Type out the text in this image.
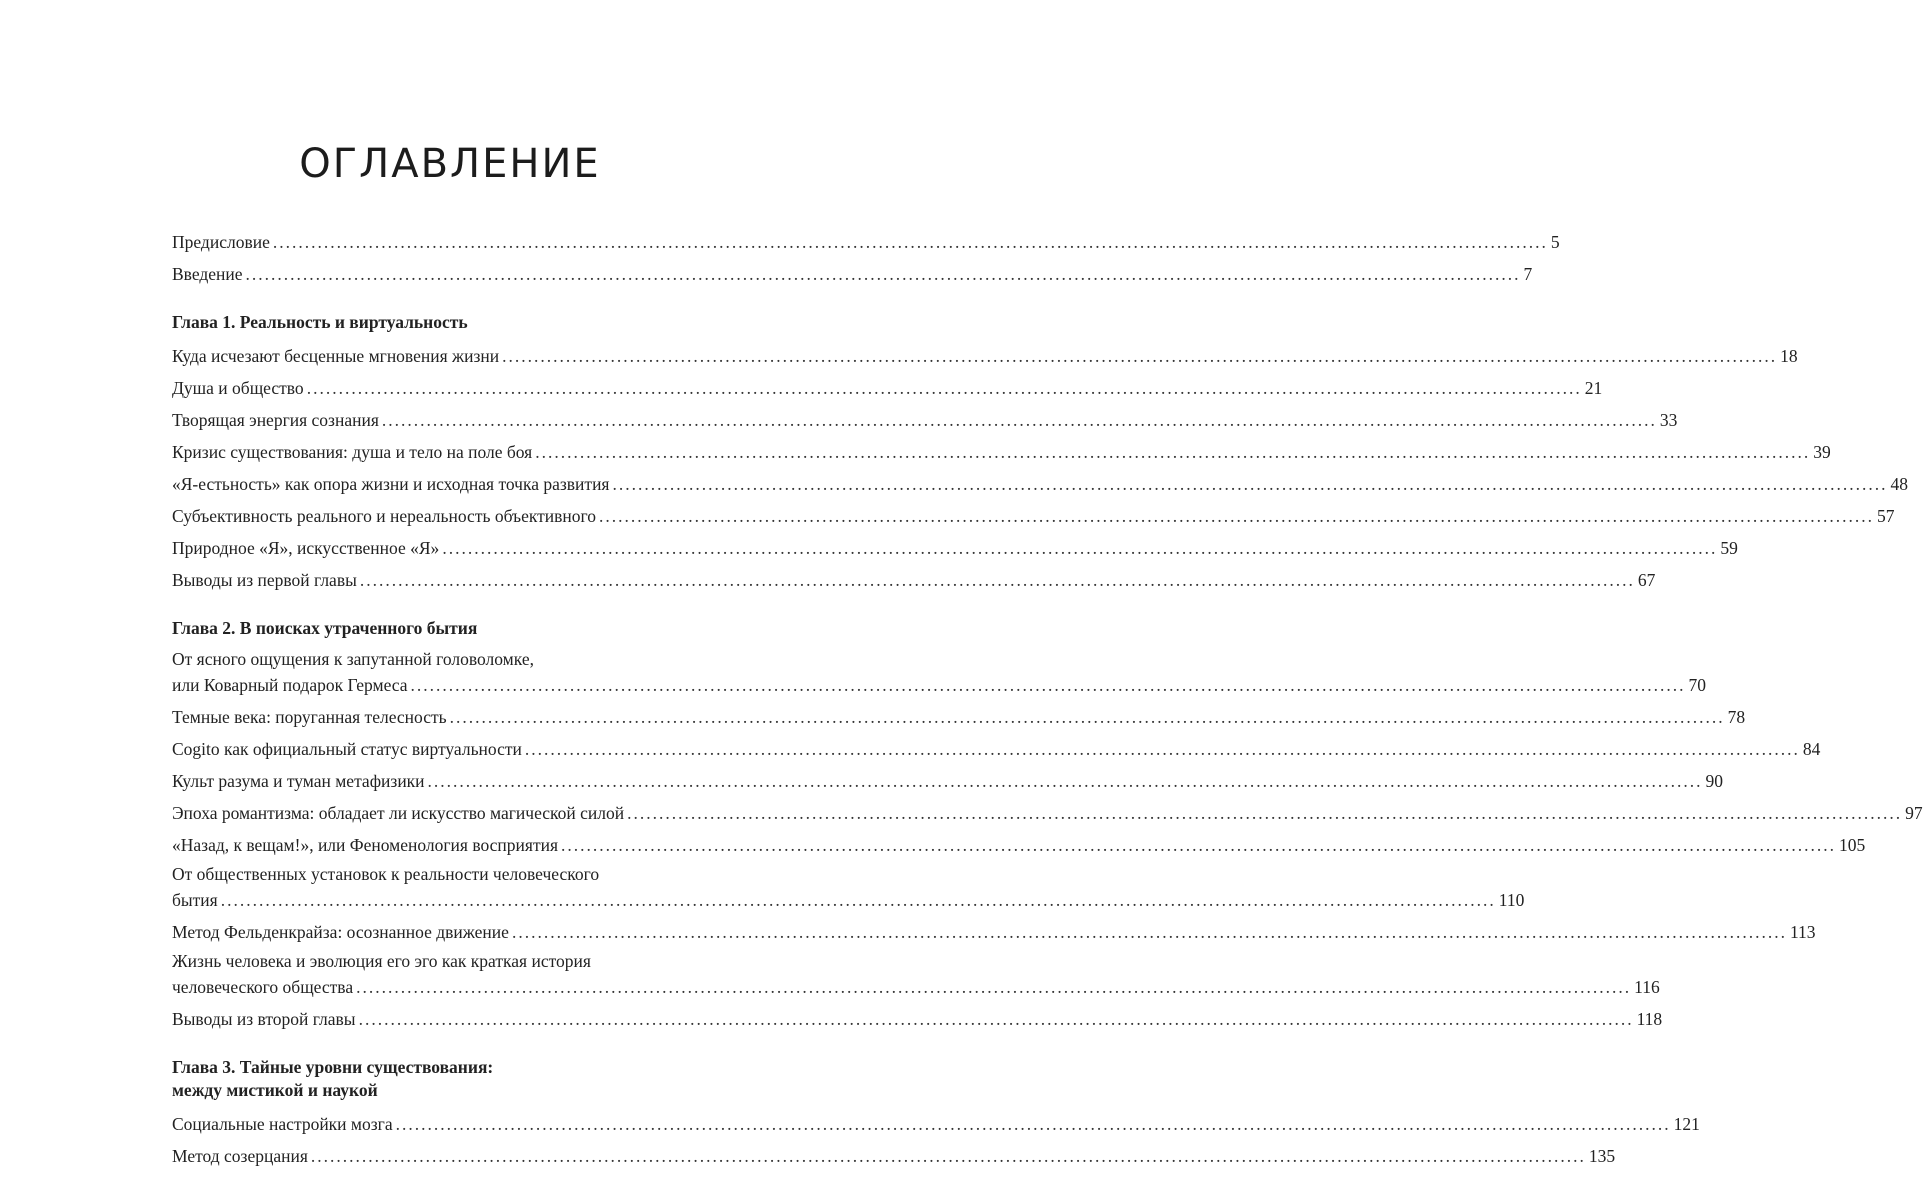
ОГЛАВЛЕНИЕ
Предисловие ........................................................................................................................................................................................................ 5
Введение ........................................................................................................................................................................................................ 7
Глава 1. Реальность и виртуальность
Куда исчезают бесценные мгновения жизни ........................................................................................................................................................................................................ 18
Душа и общество ........................................................................................................................................................................................................ 21
Творящая энергия сознания ........................................................................................................................................................................................................ 33
Кризис существования: душа и тело на поле боя ........................................................................................................................................................................................................ 39
«Я-естьность» как опора жизни и исходная точка развития ........................................................................................................................................................................................................ 48
Субъективность реального и нереальность объективного ........................................................................................................................................................................................................ 57
Природное «Я», искусственное «Я» ........................................................................................................................................................................................................ 59
Выводы из первой главы ........................................................................................................................................................................................................ 67
Глава 2. В поисках утраченного бытия
От ясного ощущения к запутанной головоломке,
или Коварный подарок Гермеса ........................................................................................................................................................................................................ 70
Темные века: поруганная телесность ........................................................................................................................................................................................................ 78
Cogito как официальный статус виртуальности ........................................................................................................................................................................................................ 84
Культ разума и туман метафизики ........................................................................................................................................................................................................ 90
Эпоха романтизма: обладает ли искусство магической силой ........................................................................................................................................................................................................ 97
«Назад, к вещам!», или Феноменология восприятия ........................................................................................................................................................................................................ 105
От общественных установок к реальности человеческого
бытия ........................................................................................................................................................................................................ 110
Метод Фельденкрайза: осознанное движение ........................................................................................................................................................................................................ 113
Жизнь человека и эволюция его эго как краткая история
человеческого общества ........................................................................................................................................................................................................ 116
Выводы из второй главы ........................................................................................................................................................................................................ 118
Глава 3. Тайные уровни существования:
между мистикой и наукой
Социальные настройки мозга ........................................................................................................................................................................................................ 121
Метод созерцания ........................................................................................................................................................................................................ 135
